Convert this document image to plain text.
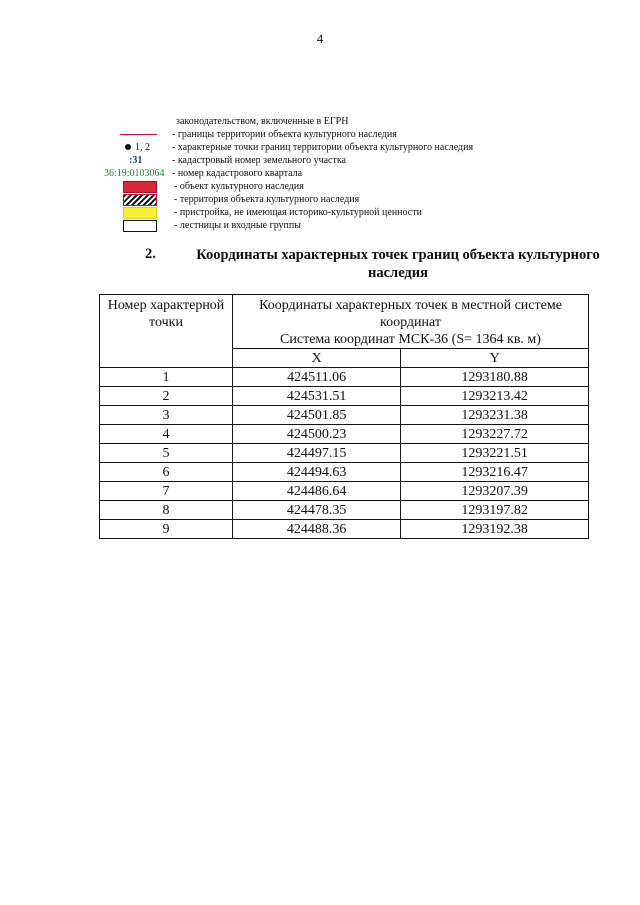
4
законодательством, включенные в ЕГРН
- границы территории объекта культурного наследия
1, 2 - характерные точки границ территории объекта культурного наследия
:31	- кадастровый номер земельного участка
36:19:0103064 - номер кадастрового квартала
- объект культурного наследия
- территория объекта культурного наследия
- пристройка, не имеющая историко-культурной ценности
- лестницы и входные группы
2.	Координаты характерных точек границ объекта культурного наследия
Номер характерной точки	Координаты характерных точек в местной системе координат
Система координат МСК-36 (S= 1364 кв. м)	

	X	Y
1	424511.06	1293180.88
2	424531.51	1293213.42
3	424501.85	1293231.38
4	424500.23	1293227.72
5	424497.15	1293221.51
6	424494.63	1293216.47
7	424486.64	1293207.39
8	424478.35	1293197.82
9	424488.36	1293192.38
